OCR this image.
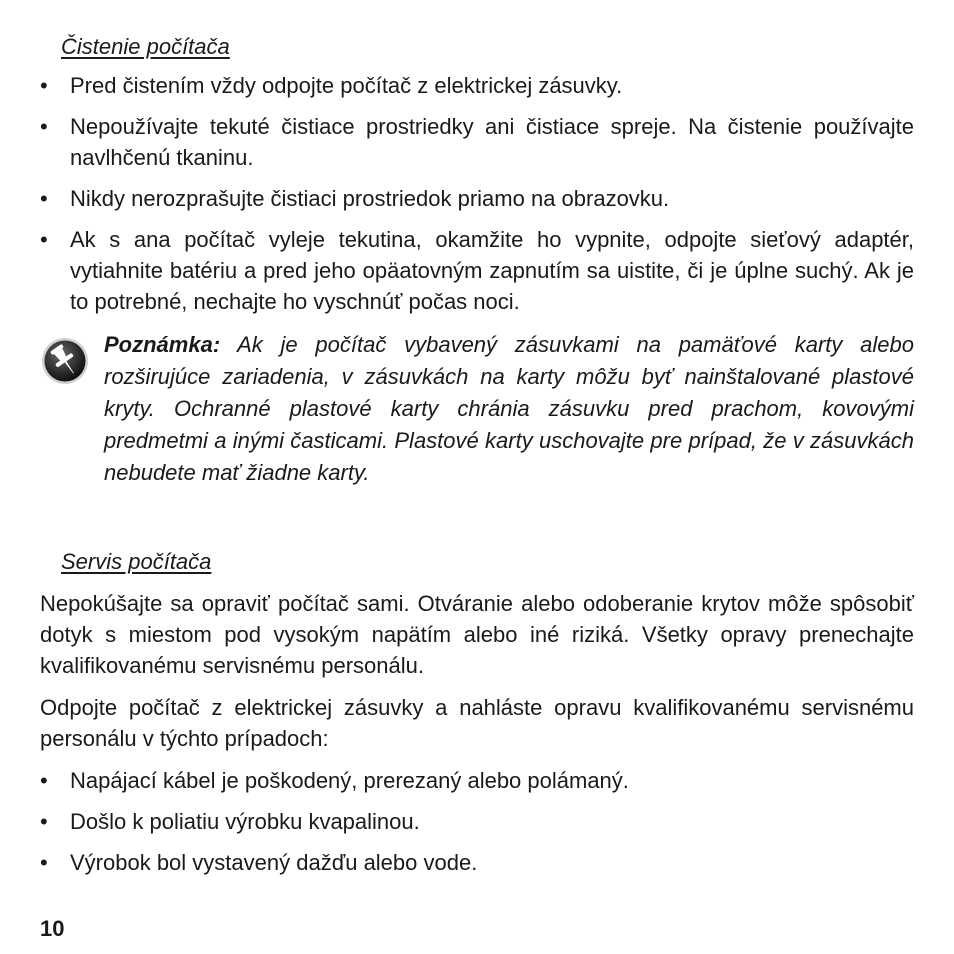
Čistenie počítača
•	Pred čistením vždy odpojte počítač z elektrickej zásuvky.
•	Nepoužívajte tekuté čistiace prostriedky ani čistiace spreje. Na čistenie používajte navlhčenú tkaninu.
•	Nikdy nerozprašujte čistiaci prostriedok priamo na obrazovku.
•	Ak s ana počítač vyleje tekutina, okamžite ho vypnite, odpojte sieťový adaptér, vytiahnite batériu a pred jeho opäatovným zapnutím sa uistite, či je úplne suchý. Ak je to potrebné, nechajte ho vyschnúť počas noci.

Poznámka: Ak je počítač vybavený zásuvkami na pamäťové karty alebo rozširujúce zariadenia, v zásuvkách na karty môžu byť nainštalované plastové kryty. Ochranné plastové karty chránia zásuvku pred prachom, kovovými predmetmi a inými časticami. Plastové karty uschovajte pre prípad, že v zásuvkách nebudete mať žiadne karty.

Servis počítača

Nepokúšajte sa opraviť počítač sami. Otváranie alebo odoberanie krytov môže spôsobiť dotyk s miestom pod vysokým napätím alebo iné riziká. Všetky opravy prenechajte kvalifikovanému servisnému personálu.

Odpojte počítač z elektrickej zásuvky a nahláste opravu kvalifikovanému servisnému personálu v týchto prípadoch:

•	Napájací kábel je poškodený, prerezaný alebo polámaný.
•	Došlo k poliatiu výrobku kvapalinou.
•	Výrobok bol vystavený dažďu alebo vode.
10
